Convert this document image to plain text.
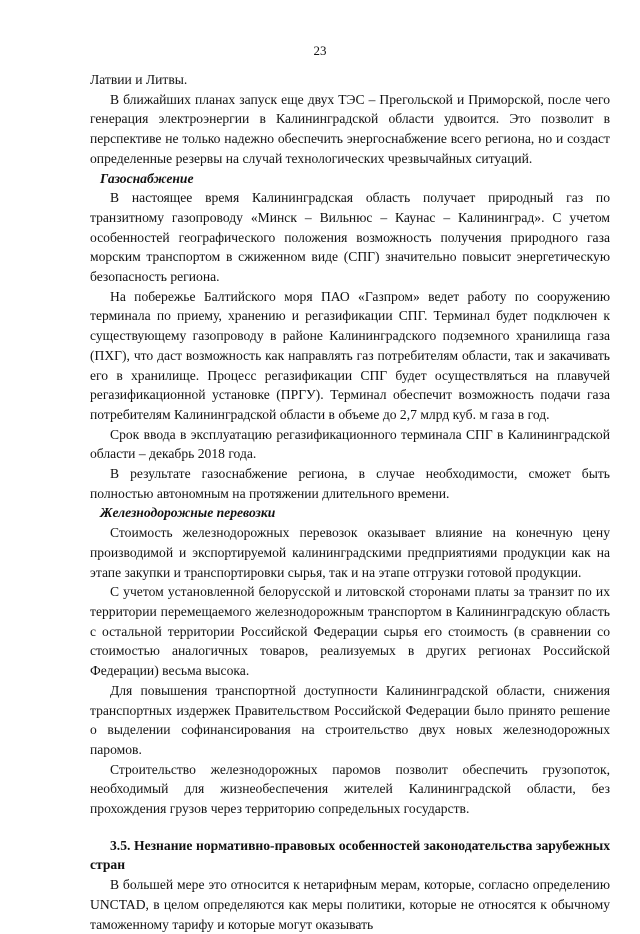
23

Латвии и Литвы.

В ближайших планах запуск еще двух ТЭС – Прегольской и Приморской, после чего генерация электроэнергии в Калининградской области удвоится. Это позволит в перспективе не только надежно обеспечить энергоснабжение всего региона, но и создаст определенные резервы на случай технологических чрезвычайных ситуаций.

Газоснабжение

В настоящее время Калининградская область получает природный газ по транзитному газопроводу «Минск – Вильнюс – Каунас – Калининград». С учетом особенностей географического положения возможность получения природного газа морским транспортом в сжиженном виде (СПГ) значительно повысит энергетическую безопасность региона.

На побережье Балтийского моря ПАО «Газпром» ведет работу по сооружению терминала по приему, хранению и регазификации СПГ. Терминал будет подключен к существующему газопроводу в районе Калининградского подземного хранилища газа (ПХГ), что даст возможность как направлять газ потребителям области, так и закачивать его в хранилище. Процесс регазификации СПГ будет осуществляться на плавучей регазификационной установке (ПРГУ). Терминал обеспечит возможность подачи газа потребителям Калининградской области в объеме до 2,7 млрд куб. м газа в год.

Срок ввода в эксплуатацию регазификационного терминала СПГ в Калининградской области – декабрь 2018 года.

В результате газоснабжение региона, в случае необходимости, сможет быть полностью автономным на протяжении длительного времени.

Железнодорожные перевозки

Стоимость железнодорожных перевозок оказывает влияние на конечную цену производимой и экспортируемой калининградскими предприятиями продукции как на этапе закупки и транспортировки сырья, так и на этапе отгрузки готовой продукции.

С учетом установленной белорусской и литовской сторонами платы за транзит по их территории перемещаемого железнодорожным транспортом в Калининградскую область с остальной территории Российской Федерации сырья его стоимость (в сравнении со стоимостью аналогичных товаров, реализуемых в других регионах Российской Федерации) весьма высока.

Для повышения транспортной доступности Калининградской области, снижения транспортных издержек Правительством Российской Федерации было принято решение о выделении софинансирования на строительство двух новых железнодорожных паромов.

Строительство железнодорожных паромов позволит обеспечить грузопоток, необходимый для жизнеобеспечения жителей Калининградской области, без прохождения грузов через территорию сопредельных государств.

3.5. Незнание нормативно-правовых особенностей законодательства зарубежных стран

В большей мере это относится к нетарифным мерам, которые, согласно определению UNCTAD, в целом определяются как меры политики, которые не относятся к обычному таможенному тарифу и которые могут оказывать
